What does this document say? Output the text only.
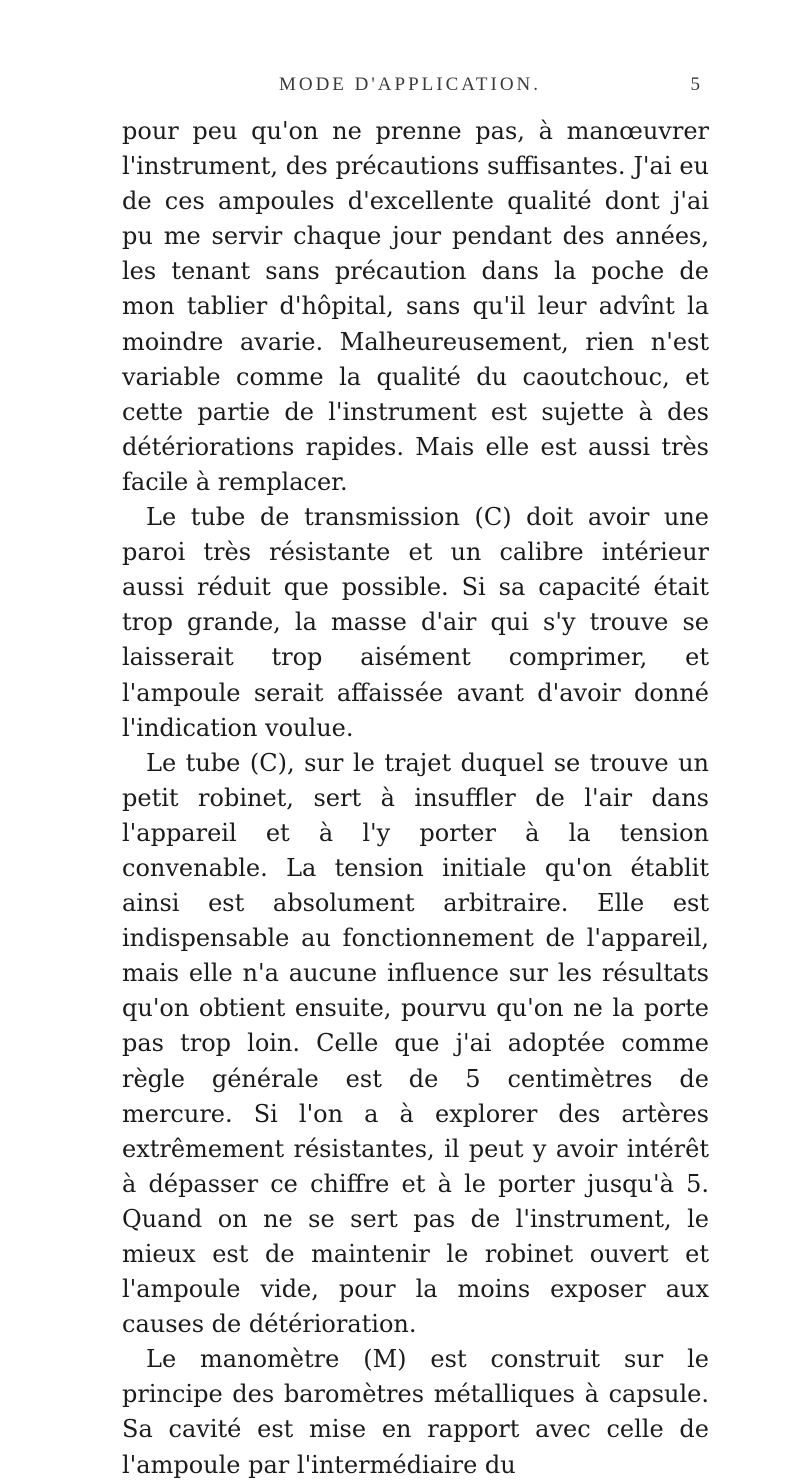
MODE D'APPLICATION.	5

pour peu qu'on ne prenne pas, à manœuvrer l'instrument, des précautions suffisantes. J'ai eu de ces ampoules d'excellente qualité dont j'ai pu me servir chaque jour pendant des années, les tenant sans précaution dans la poche de mon tablier d'hôpital, sans qu'il leur advînt la moindre avarie. Malheureusement, rien n'est variable comme la qualité du caoutchouc, et cette partie de l'instrument est sujette à des détériorations rapides. Mais elle est aussi très facile à remplacer.

Le tube de transmission (C) doit avoir une paroi très résistante et un calibre intérieur aussi réduit que possible. Si sa capacité était trop grande, la masse d'air qui s'y trouve se laisserait trop aisément comprimer, et l'ampoule serait affaissée avant d'avoir donné l'indication voulue.

Le tube (C), sur le trajet duquel se trouve un petit robinet, sert à insuffler de l'air dans l'appareil et à l'y porter à la tension convenable. La tension initiale qu'on établit ainsi est absolument arbitraire. Elle est indispensable au fonctionnement de l'appareil, mais elle n'a aucune influence sur les résultats qu'on obtient ensuite, pourvu qu'on ne la porte pas trop loin. Celle que j'ai adoptée comme règle générale est de 5 centimètres de mercure. Si l'on a à explorer des artères extrêmement résistantes, il peut y avoir intérêt à dépasser ce chiffre et à le porter jusqu'à 5. Quand on ne se sert pas de l'instrument, le mieux est de maintenir le robinet ouvert et l'ampoule vide, pour la moins exposer aux causes de détérioration.

Le manomètre (M) est construit sur le principe des baromètres métalliques à capsule. Sa cavité est mise en rapport avec celle de l'ampoule par l'intermédiaire du
